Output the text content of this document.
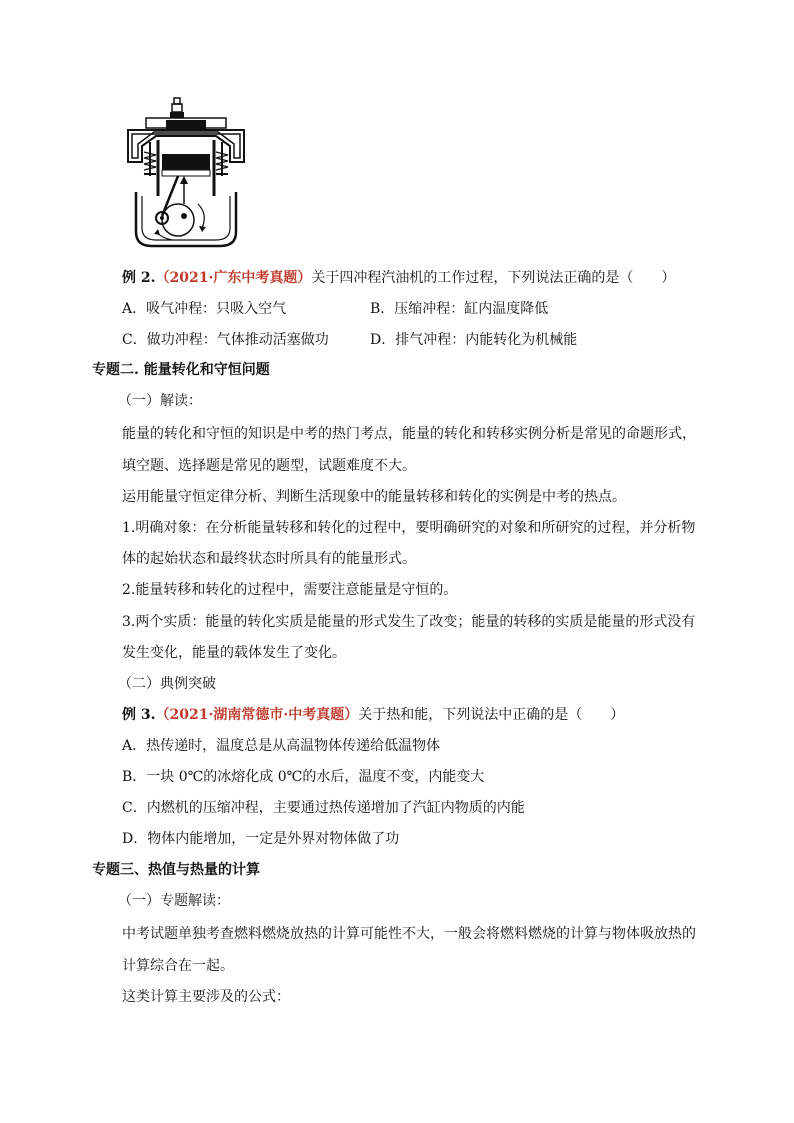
例 2.（2021·广东中考真题）关于四冲程汽油机的工作过程，下列说法正确的是（　　）
A．吸气冲程：只吸入空气	B．压缩冲程：缸内温度降低
C．做功冲程：气体推动活塞做功	D．排气冲程：内能转化为机械能
专题二. 能量转化和守恒问题
（一）解读：
能量的转化和守恒的知识是中考的热门考点，能量的转化和转移实例分析是常见的命题形式，
填空题、选择题是常见的题型，试题难度不大。
运用能量守恒定律分析、判断生活现象中的能量转移和转化的实例是中考的热点。
1.明确对象：在分析能量转移和转化的过程中，要明确研究的对象和所研究的过程，并分析物
体的起始状态和最终状态时所具有的能量形式。
2.能量转移和转化的过程中，需要注意能量是守恒的。
3.两个实质：能量的转化实质是能量的形式发生了改变；能量的转移的实质是能量的形式没有
发生变化，能量的载体发生了变化。
（二）典例突破
例 3.（2021·湖南常德市·中考真题）关于热和能，下列说法中正确的是（　　）
A．热传递时，温度总是从高温物体传递给低温物体
B．一块 0℃的冰熔化成 0℃的水后，温度不变，内能变大
C．内燃机的压缩冲程，主要通过热传递增加了汽缸内物质的内能
D．物体内能增加，一定是外界对物体做了功
专题三、热值与热量的计算
（一）专题解读：
中考试题单独考查燃料燃烧放热的计算可能性不大，一般会将燃料燃烧的计算与物体吸放热的
计算综合在一起。
这类计算主要涉及的公式：
